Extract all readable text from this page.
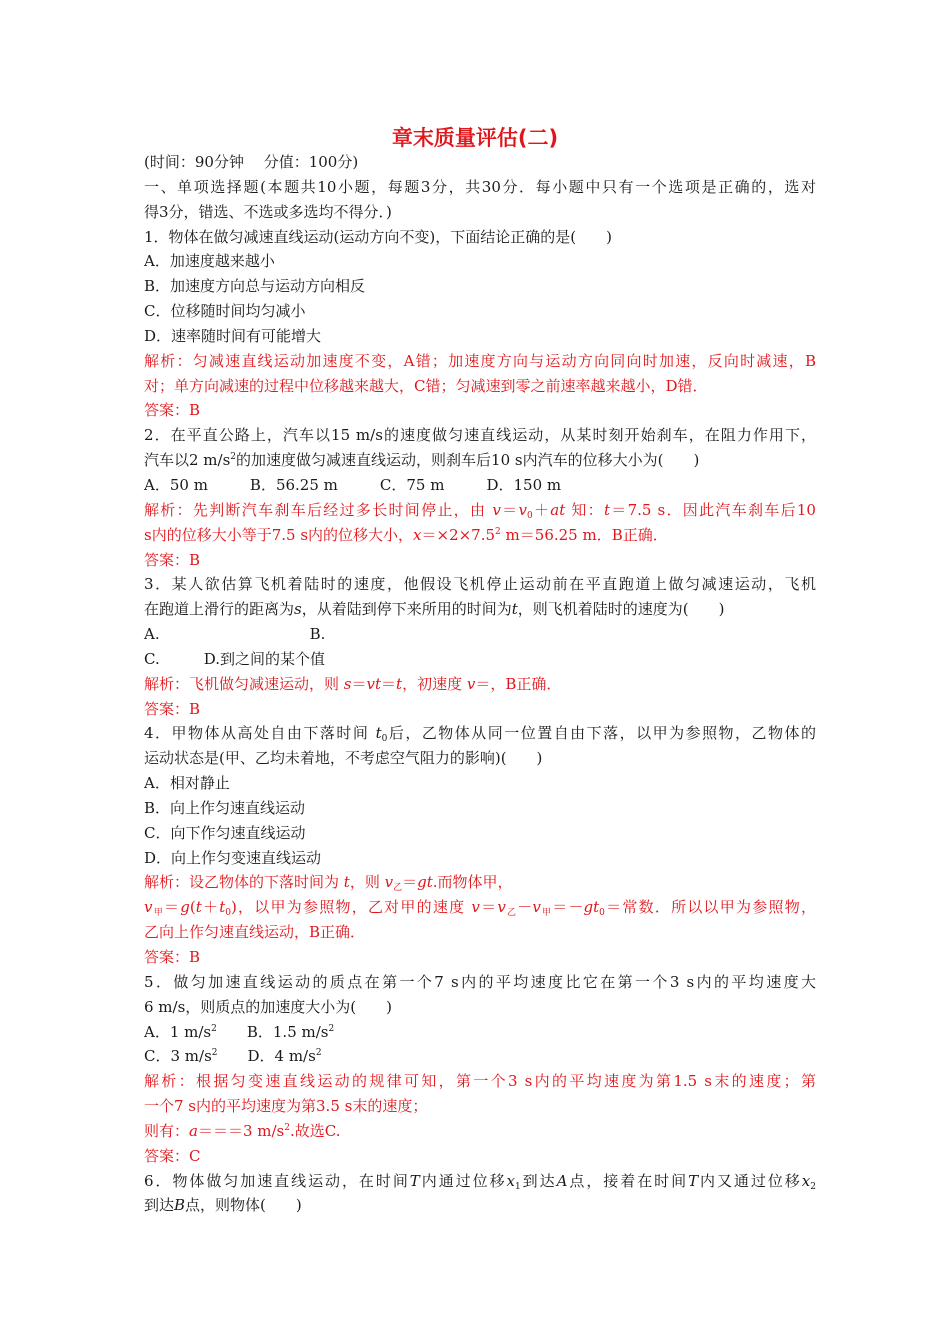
章末质量评估(二)
(时间：90分钟　 分值：100分)
一、单项选择题(本题共10小题，每题3分，共30分．每小题中只有一个选项是正确的，选对
得3分，错选、不选或多选均不得分．)
1．物体在做匀减速直线运动(运动方向不变)，下面结论正确的是(　　)
A．加速度越来越小
B．加速度方向总与运动方向相反
C．位移随时间均匀减小
D．速率随时间有可能增大
解析：匀减速直线运动加速度不变，A错；加速度方向与运动方向同向时加速，反向时减速，B
对；单方向减速的过程中位移越来越大，C错；匀减速到零之前速率越来越小，D错．
答案：B
2．在平直公路上，汽车以15 m/s的速度做匀速直线运动，从某时刻开始刹车，在阻力作用下，
汽车以2 $m/s^2$的加速度做匀减速直线运动，则刹车后10 s内汽车的位移大小为(　　)
A．50 m	B．56.25 m	C．75 m	D．150 m
解析：先判断汽车刹车后经过多长时间停止，由 $v=v_0+at$ 知：t＝7.5 s．因此汽车刹车后10
s内的位移大小等于7.5 s内的位移大小，$x=\times 2\times 7.5^2$ m＝56.25 m．B正确．
答案：B
3．某人欲估算飞机着陆时的速度，他假设飞机停止运动前在平直跑道上做匀减速运动，飞机
在跑道上滑行的距离为s，从着陆到停下来所用的时间为t，则飞机着陆时的速度为(　　)
A.	B.
C.	D.到之间的某个值
解析：飞机做匀减速运动，则 s＝vt＝t，初速度 v＝，B正确．
答案：B
4．甲物体从高处自由下落时间 $t_0$后，乙物体从同一位置自由下落，以甲为参照物，乙物体的
运动状态是(甲、乙均未着地，不考虑空气阻力的影响)(　　)
A．相对静止
B．向上作匀速直线运动
C．向下作匀速直线运动
D．向上作匀变速直线运动
解析：设乙物体的下落时间为 t，则 $v_乙=gt$.而物体甲，
$v_甲=g(t+t_0)$，以甲为参照物，乙对甲的速度 $v=v_乙-v_甲=-gt_0=$常数．所以以甲为参照物，
乙向上作匀速直线运动，B正确．
答案：B
5．做匀加速直线运动的质点在第一个7 s内的平均速度比它在第一个3 s内的平均速度大
6 m/s，则质点的加速度大小为(　　)
A．1 $m/s^2$ B．1.5 $m/s^2$
C．3 $m/s^2$ D．4 $m/s^2$
解析：根据匀变速直线运动的规律可知，第一个3 s内的平均速度为第1.5 s末的速度；第
一个7 s内的平均速度为第3.5 s末的速度；
则有：a＝＝＝3 $m/s^2$.故选C.
答案：C
6．物体做匀加速直线运动，在时间T内通过位移$x_1$到达A点，接着在时间T内又通过位移$x_2$
到达B点，则物体(　　)
